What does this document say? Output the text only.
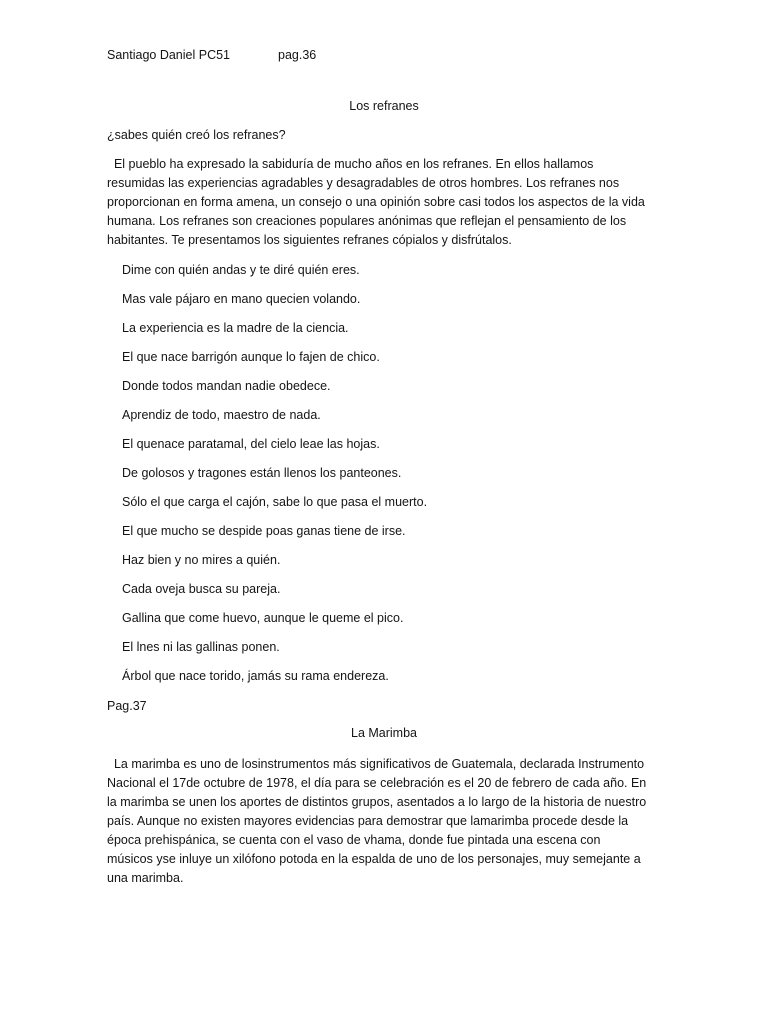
Santiago Daniel PC51	pag.36
Los refranes
¿sabes quién creó los refranes?

El pueblo ha expresado la sabiduría de mucho años en los refranes. En ellos hallamos resumidas las experiencias agradables y desagradables de otros hombres. Los refranes nos proporcionan en forma amena, un consejo o una opinión sobre casi todos los aspectos de la vida humana. Los refranes son creaciones populares anónimas que reflejan el pensamiento de los habitantes. Te presentamos los siguientes refranes cópialos y disfrútalos.

Dime con quién andas y te diré quién eres.
Mas vale pájaro en mano quecien volando.
La experiencia es la madre de la ciencia.
El que nace barrigón aunque lo fajen de chico.
Donde todos mandan nadie obedece.
Aprendiz de todo, maestro de nada.
El quenace paratamal, del cielo leae las hojas.
De golosos y tragones están llenos los panteones.
Sólo el que carga el cajón, sabe lo que pasa el muerto.
El que mucho se despide poas ganas tiene de irse.
Haz bien y no mires a quién.
Cada oveja busca su pareja.
Gallina que come huevo, aunque le queme el pico.
El lnes ni las gallinas ponen.
Árbol que nace torido, jamás su rama endereza.
Pag.37
La Marimba

La marimba es uno de losinstrumentos más significativos de Guatemala, declarada Instrumento Nacional el 17de octubre de 1978, el día para se celebración es el 20 de febrero de cada año. En la marimba se unen los aportes de distintos grupos, asentados a lo largo de la historia de nuestro país. Aunque no existen mayores evidencias para demostrar que lamarimba procede desde la época prehispánica, se cuenta con el vaso de vhama, donde fue pintada una escena con músicos yse inluye un xilófono potoda en la espalda de uno de los personajes, muy semejante a una marimba.
